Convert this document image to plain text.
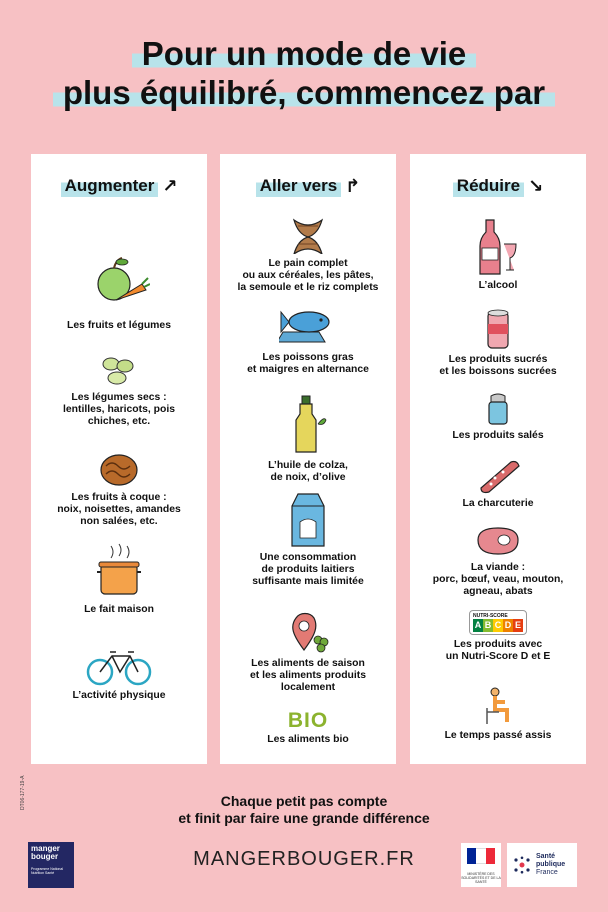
Pour un mode de vie
plus équilibré, commencez par
Augmenter ↗
Les fruits et légumes
Les légumes secs :
lentilles, haricots, pois
chiches, etc.
Les fruits à coque :
noix, noisettes, amandes
non salées, etc.
Le fait maison
L’activité physique
Aller vers ↱
Le pain complet
ou aux céréales, les pâtes,
la semoule et le riz complets
Les poissons gras
et maigres en alternance
L’huile de colza,
de noix, d’olive
Une consommation
de produits laitiers
suffisante mais limitée
Les aliments de saison
et les aliments produits
localement
BIO
Les aliments bio
Réduire ↘
L’alcool
Les produits sucrés
et les boissons sucrées
Les produits salés
La charcuterie
La viande :
porc, bœuf, veau, mouton,
agneau, abats
NUTRI-SCORE
A B C D E
Les produits avec
un Nutri-Score D et E
Le temps passé assis
Chaque petit pas compte
et finit par faire une grande différence
DT06-177-19-A
manger
bouger
Programme National Nutrition Santé
MANGERBOUGER.FR
MINISTÈRE DES SOLIDARITÉS ET DE LA SANTÉ
Santé
publique
France
